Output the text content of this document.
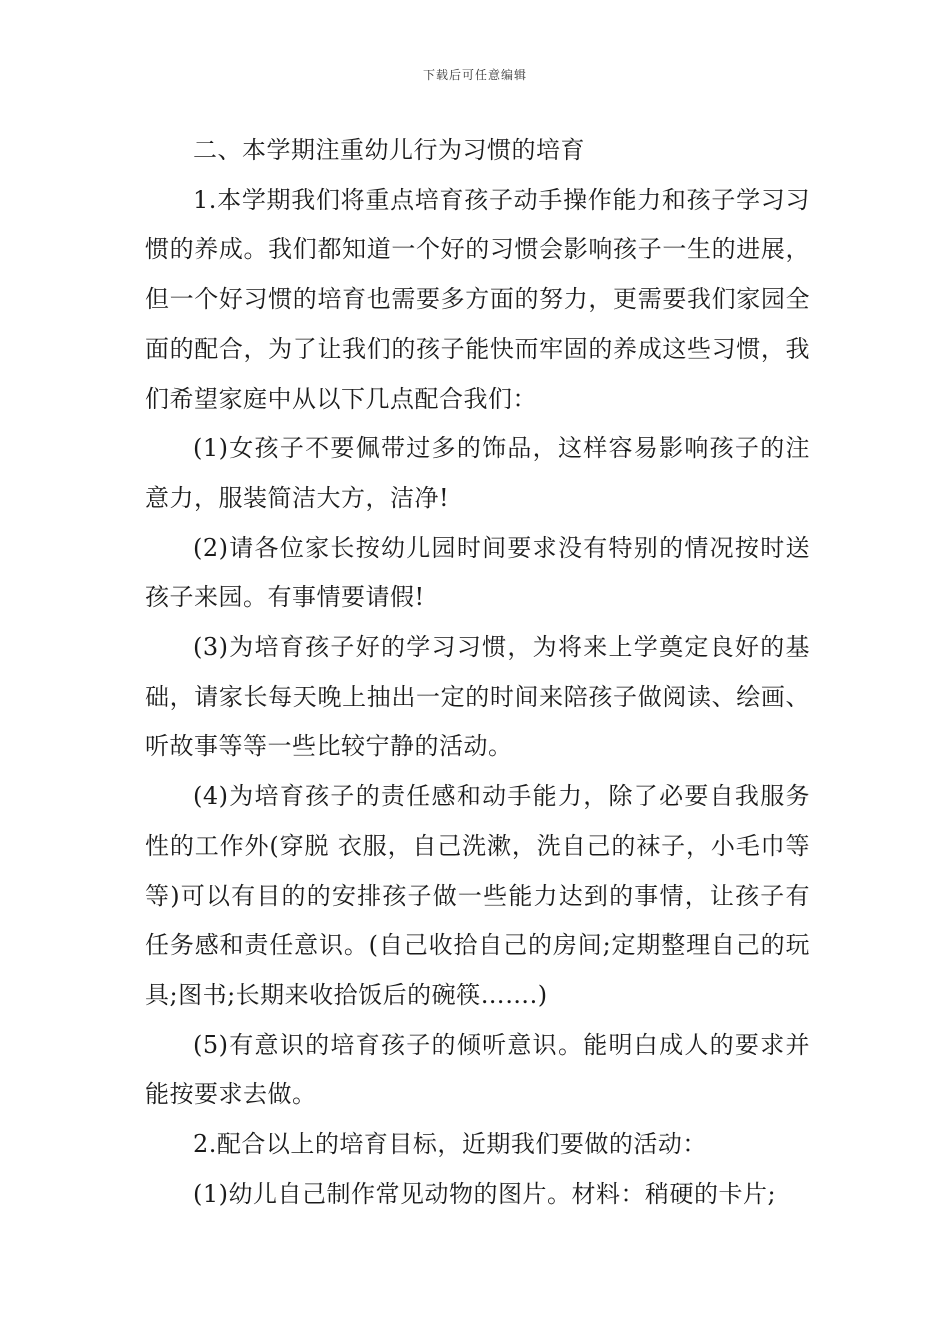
下载后可任意编辑

二、本学期注重幼儿行为习惯的培育

1.本学期我们将重点培育孩子动手操作能力和孩子学习习惯的养成。我们都知道一个好的习惯会影响孩子一生的进展，但一个好习惯的培育也需要多方面的努力，更需要我们家园全面的配合，为了让我们的孩子能快而牢固的养成这些习惯，我们希望家庭中从以下几点配合我们：

(1)女孩子不要佩带过多的饰品，这样容易影响孩子的注意力，服装简洁大方，洁净!

(2)请各位家长按幼儿园时间要求没有特别的情况按时送孩子来园。有事情要请假!

(3)为培育孩子好的学习习惯，为将来上学奠定良好的基础，请家长每天晚上抽出一定的时间来陪孩子做阅读、绘画、听故事等等一些比较宁静的活动。

(4)为培育孩子的责任感和动手能力，除了必要自我服务性的工作外(穿脱 衣服，自己洗漱，洗自己的袜子，小毛巾等等)可以有目的的安排孩子做一些能力达到的事情，让孩子有任务感和责任意识。(自己收拾自己的房间;定期整理自己的玩具;图书;长期来收拾饭后的碗筷…….)

(5)有意识的培育孩子的倾听意识。能明白成人的要求并能按要求去做。

2.配合以上的培育目标，近期我们要做的活动：

(1)幼儿自己制作常见动物的图片。材料：稍硬的卡片;
